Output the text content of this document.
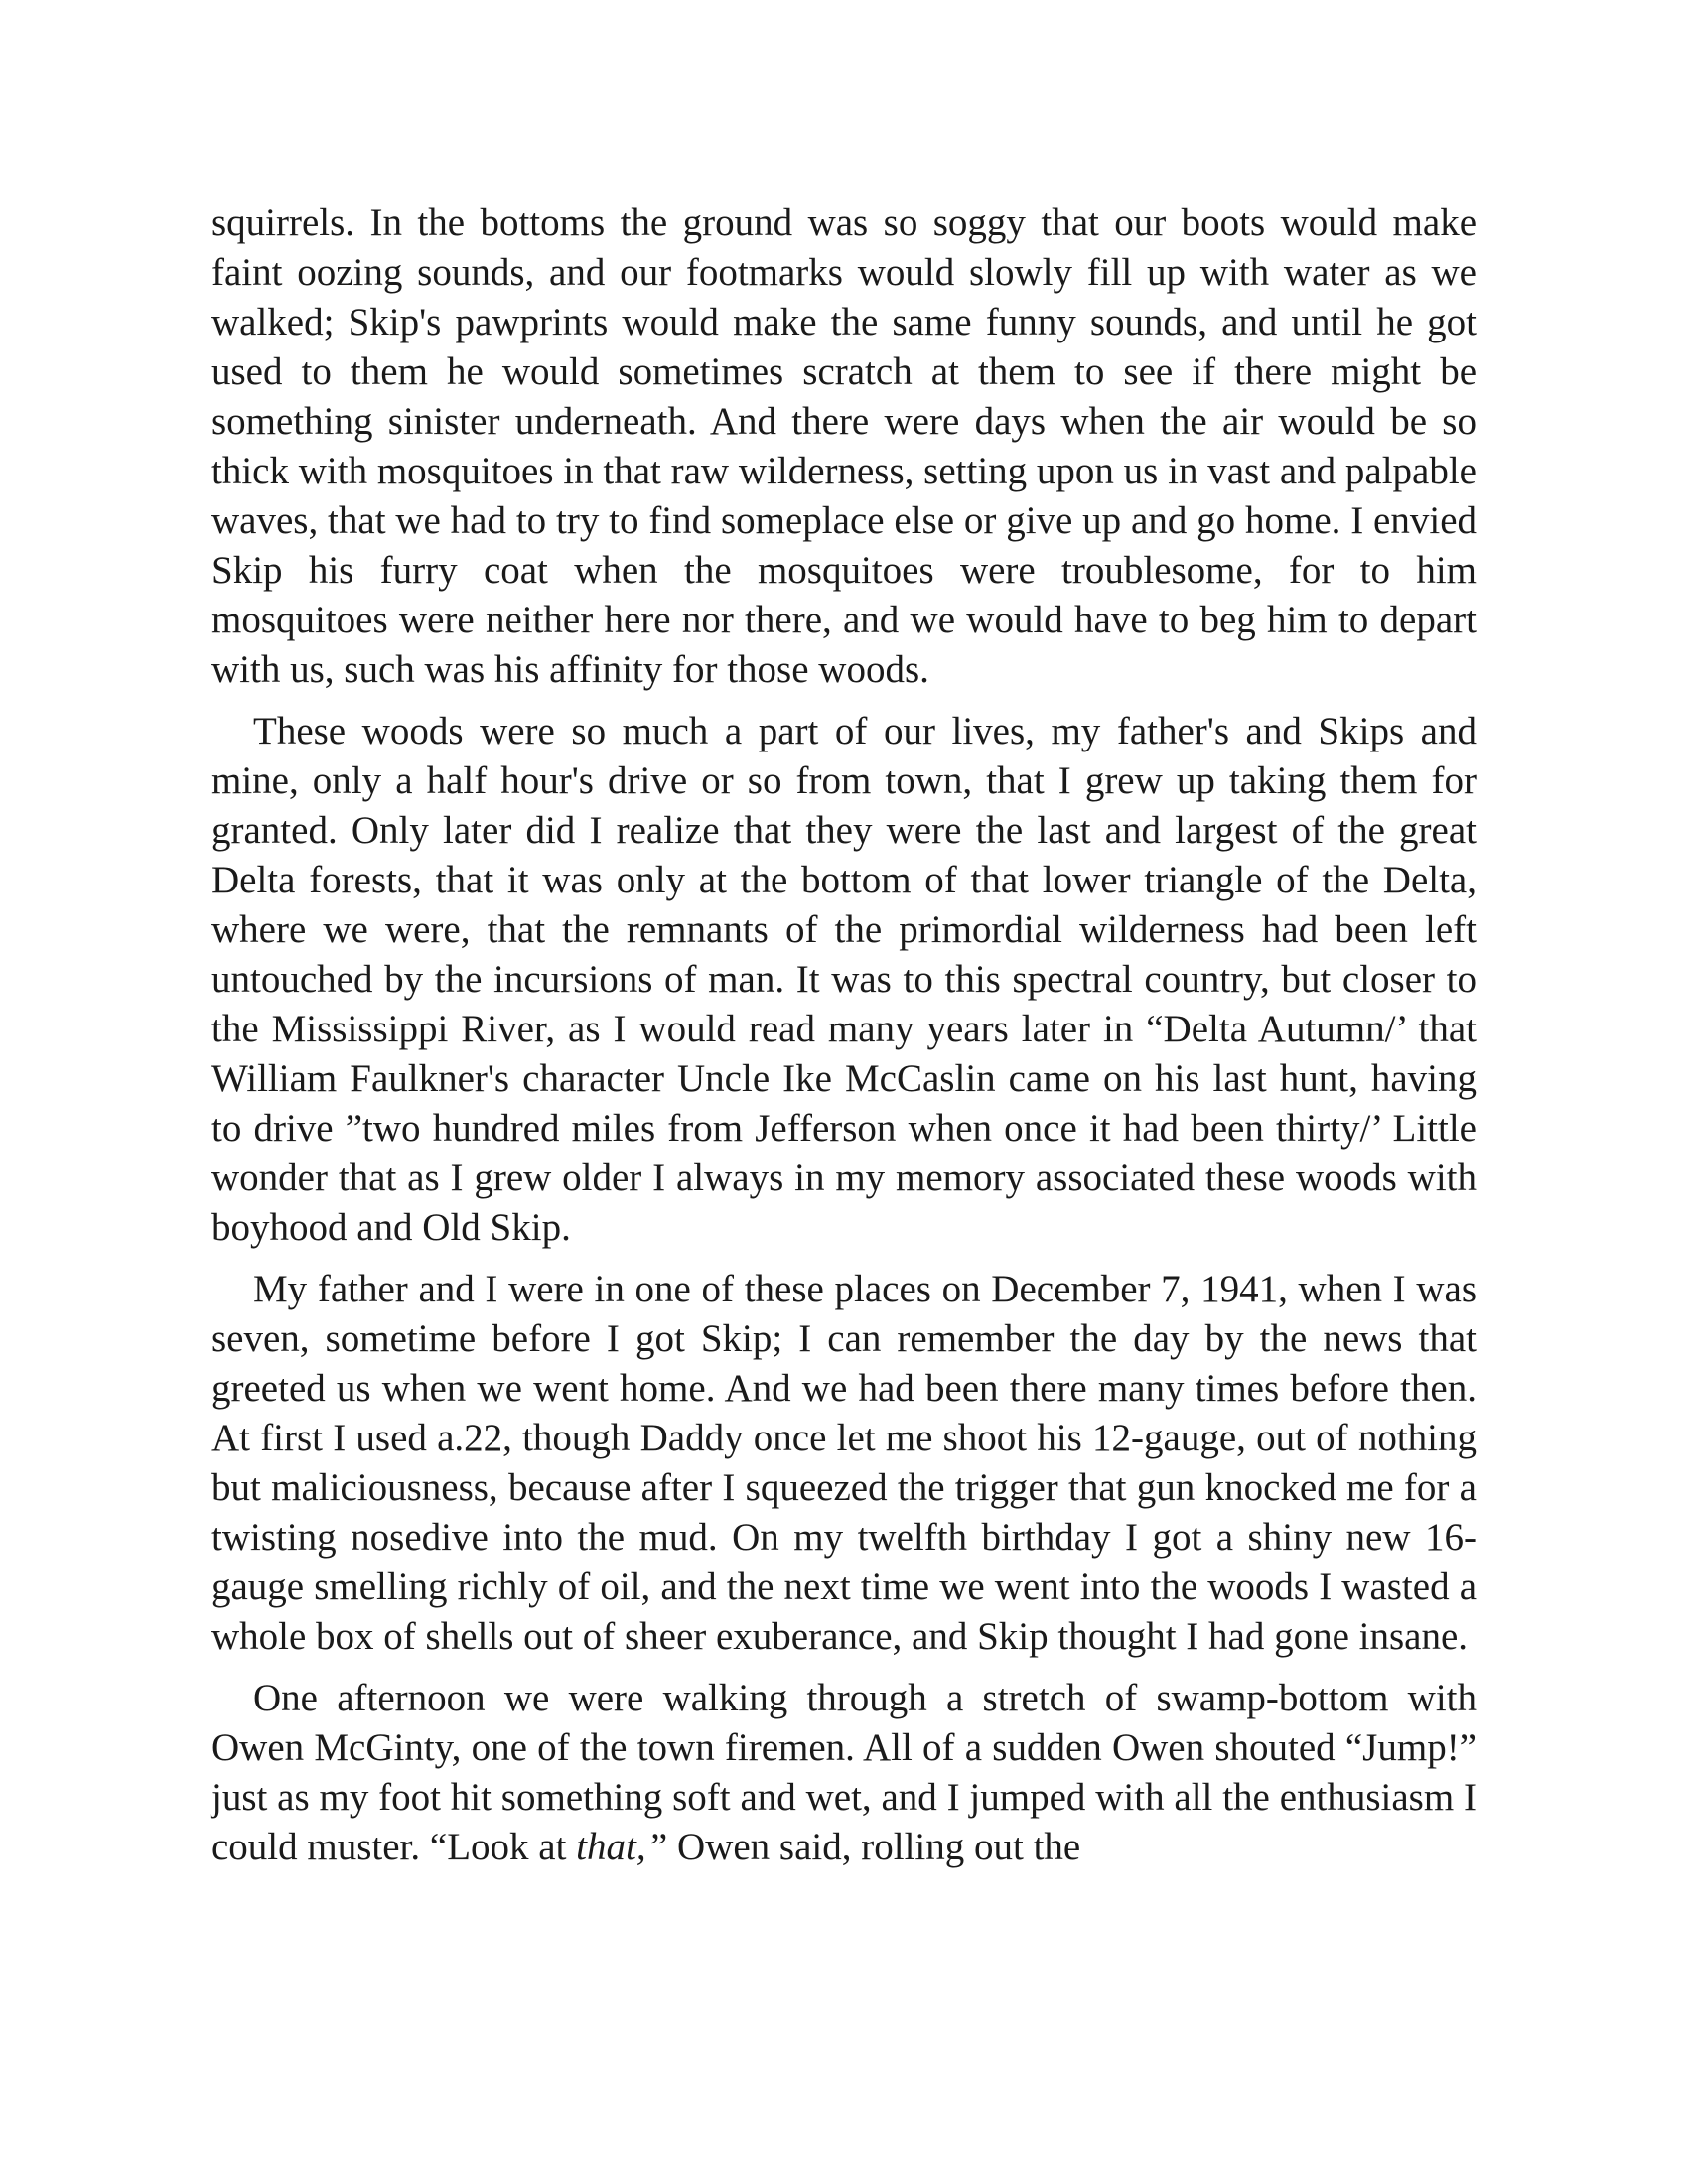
squirrels. In the bottoms the ground was so soggy that our boots would make faint oozing sounds, and our footmarks would slowly fill up with water as we walked; Skip's pawprints would make the same funny sounds, and until he got used to them he would sometimes scratch at them to see if there might be something sinister underneath. And there were days when the air would be so thick with mosquitoes in that raw wilderness, setting upon us in vast and palpable waves, that we had to try to find someplace else or give up and go home. I envied Skip his furry coat when the mosquitoes were troublesome, for to him mosquitoes were neither here nor there, and we would have to beg him to depart with us, such was his affinity for those woods.

These woods were so much a part of our lives, my father's and Skips and mine, only a half hour's drive or so from town, that I grew up taking them for granted. Only later did I realize that they were the last and largest of the great Delta forests, that it was only at the bottom of that lower triangle of the Delta, where we were, that the remnants of the primordial wilderness had been left untouched by the incursions of man. It was to this spectral country, but closer to the Mississippi River, as I would read many years later in “Delta Autumn/’ that William Faulkner's character Uncle Ike McCaslin came on his last hunt, having to drive ”two hundred miles from Jefferson when once it had been thirty/’ Little wonder that as I grew older I always in my memory associated these woods with boyhood and Old Skip.

My father and I were in one of these places on December 7, 1941, when I was seven, sometime before I got Skip; I can remember the day by the news that greeted us when we went home. And we had been there many times before then. At first I used a.22, though Daddy once let me shoot his 12-gauge, out of nothing but maliciousness, because after I squeezed the trigger that gun knocked me for a twisting nosedive into the mud. On my twelfth birthday I got a shiny new 16-gauge smelling richly of oil, and the next time we went into the woods I wasted a whole box of shells out of sheer exuberance, and Skip thought I had gone insane.

One afternoon we were walking through a stretch of swamp-bottom with Owen McGinty, one of the town firemen. All of a sudden Owen shouted “Jump!” just as my foot hit something soft and wet, and I jumped with all the enthusiasm I could muster. “Look at that,” Owen said, rolling out the
